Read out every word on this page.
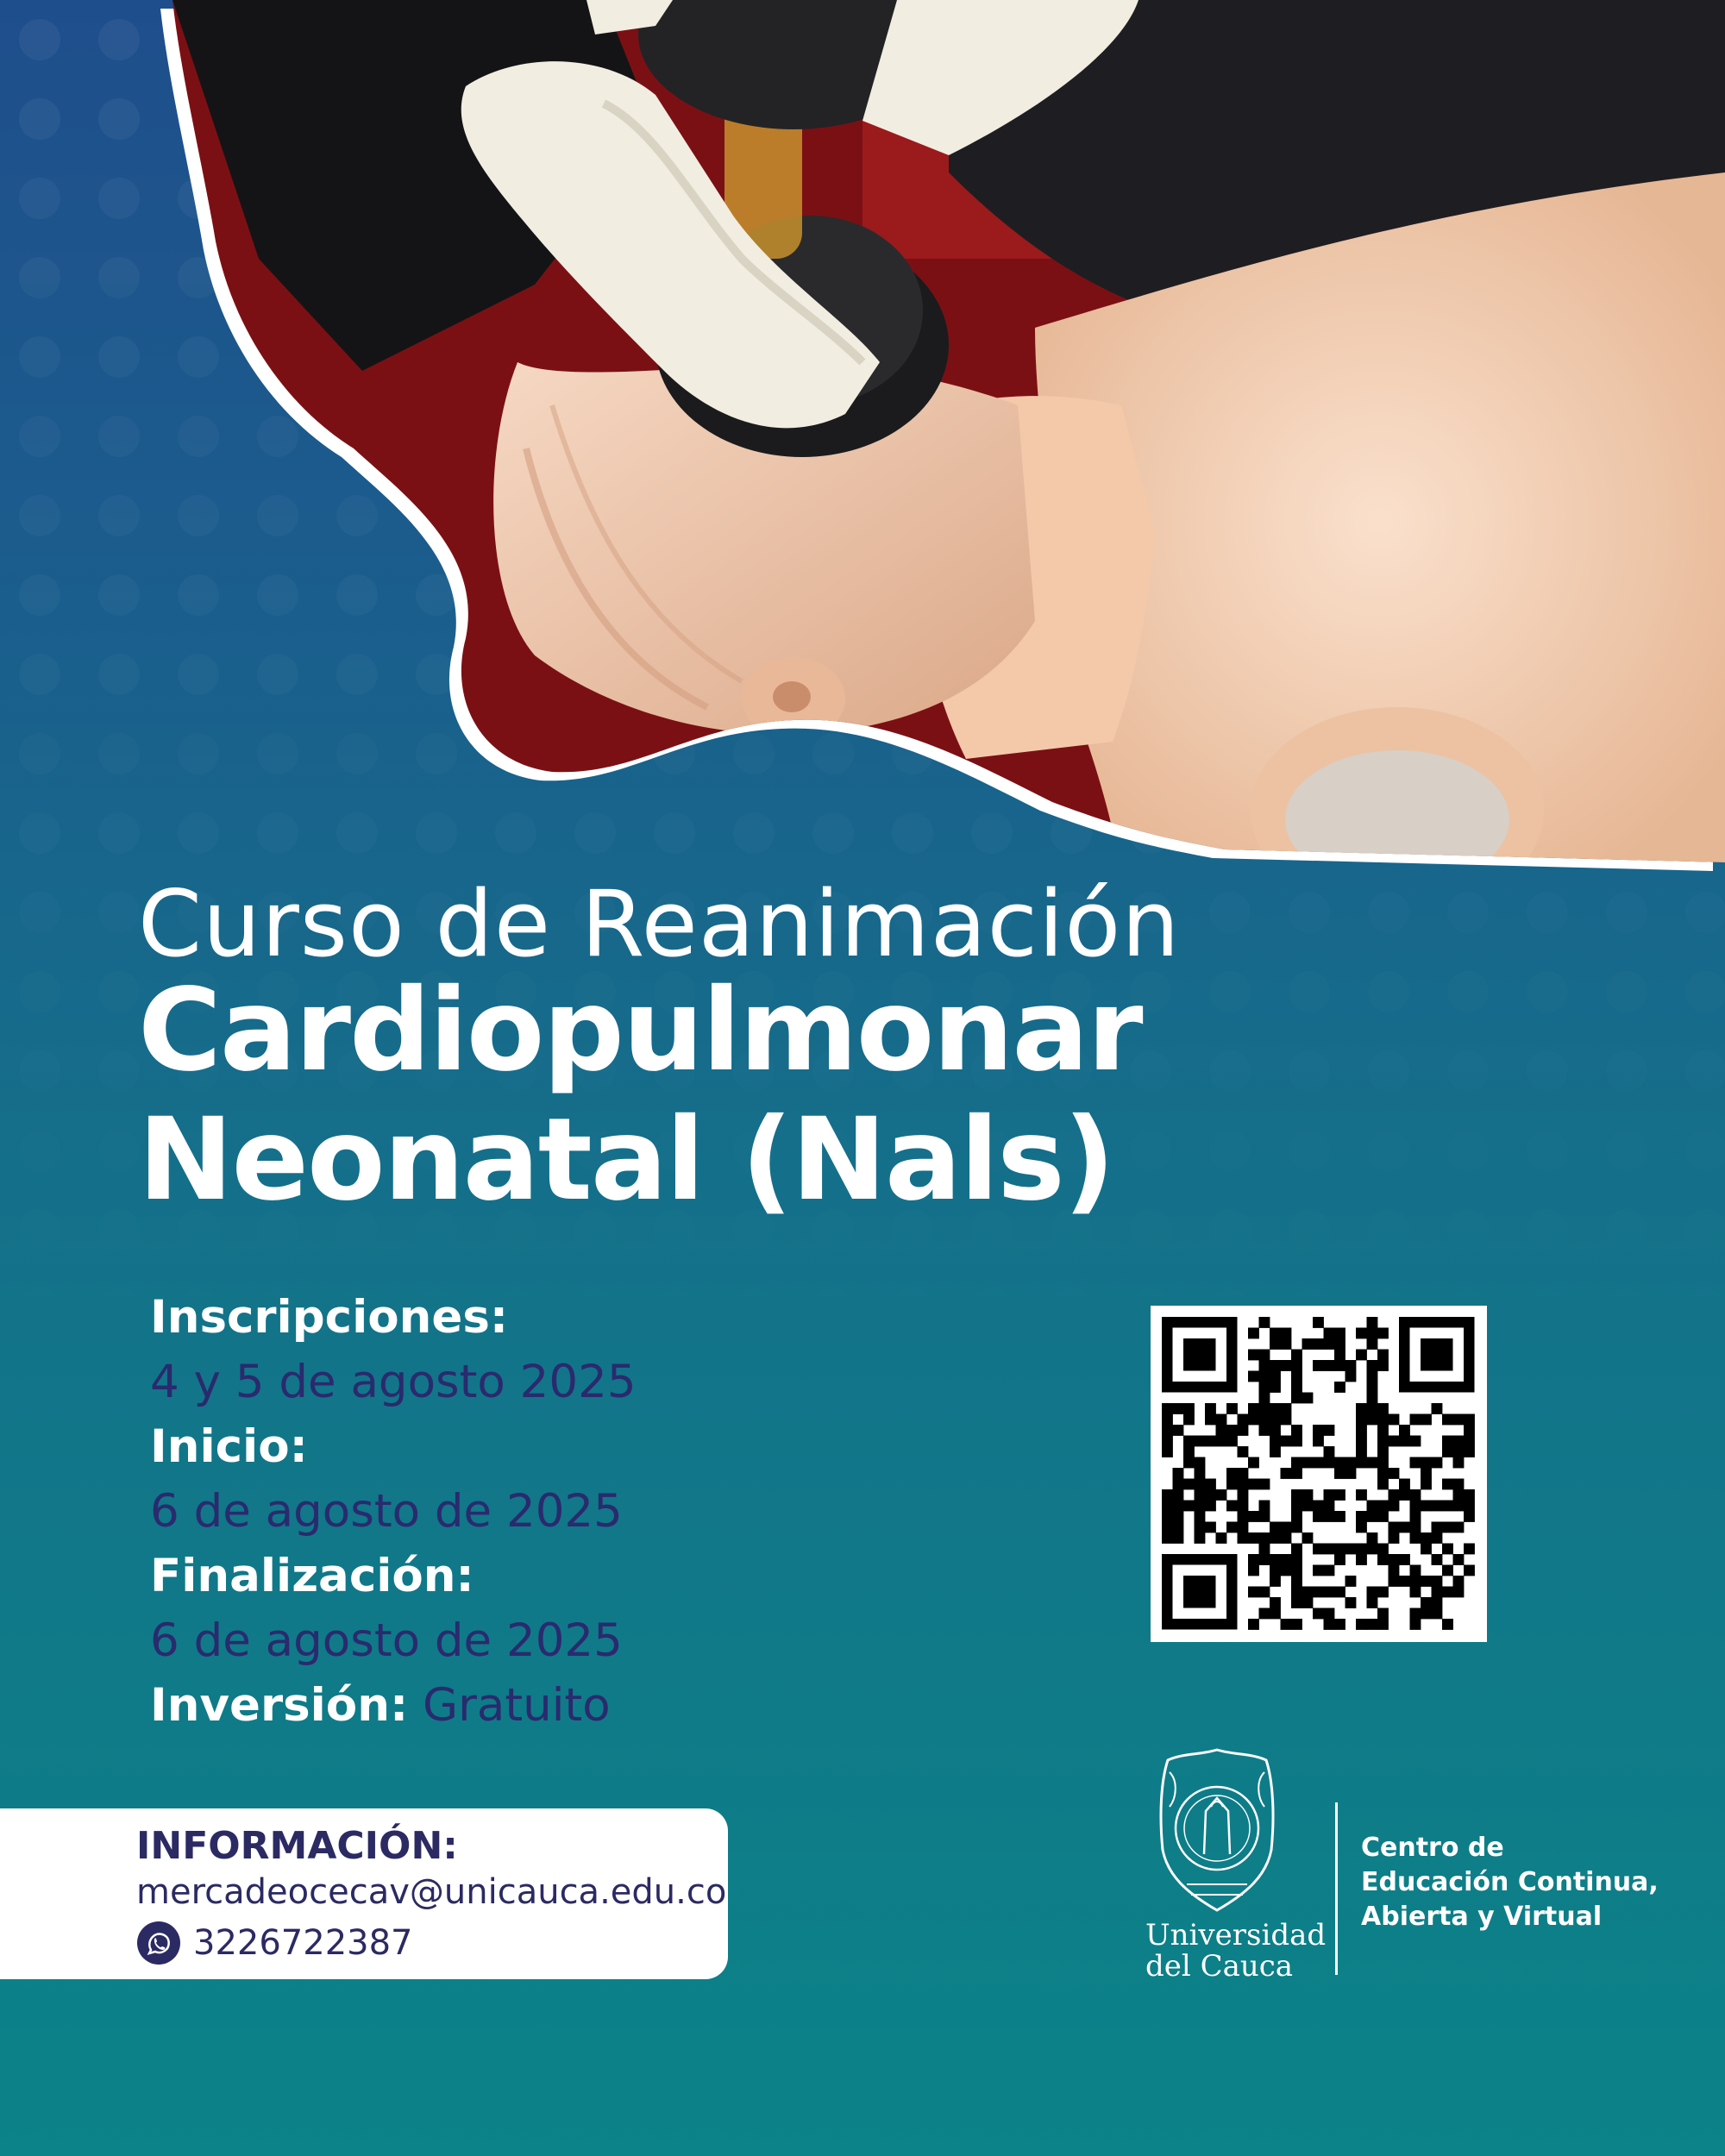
Curso de Reanimación
Cardiopulmonar
Neonatal (Nals)
Inscripciones:
4 y 5 de agosto 2025
Inicio:
6 de agosto de 2025
Finalización:
6 de agosto de 2025
Inversión: Gratuito
INFORMACIÓN:
mercadeocecav@unicauca.edu.co
3226722387	Universidad
del Cauca
Centro de
Educación Continua,
Abierta y Virtual
